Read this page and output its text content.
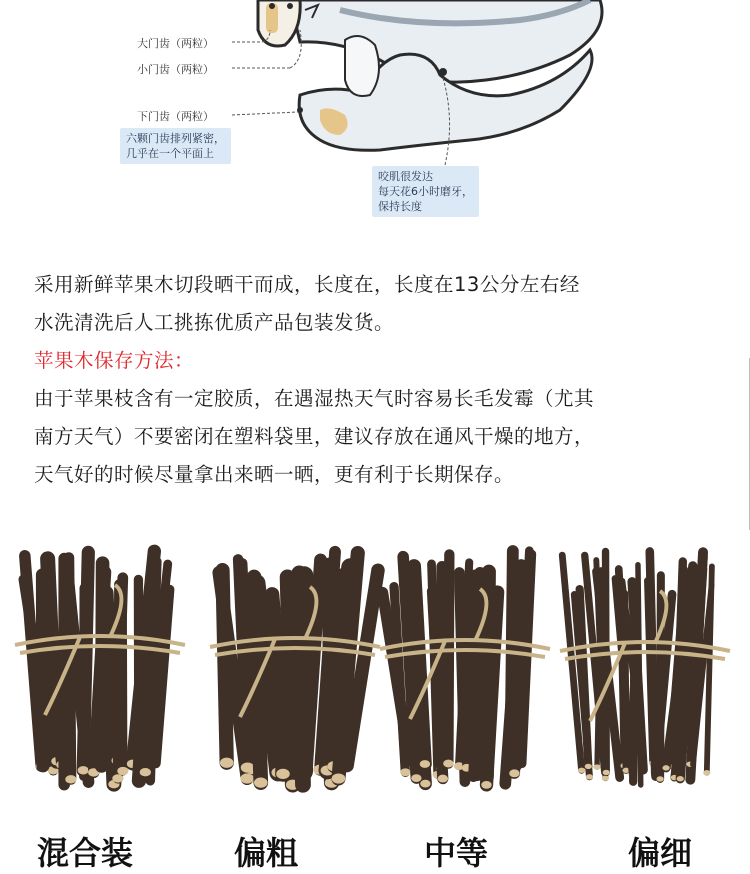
大门齿（两粒）
小门齿（两粒）
下门齿（两粒）
六颗门齿排列紧密，
几乎在一个平面上
咬肌很发达
每天花6小时磨牙，
保持长度
采用新鲜苹果木切段晒干而成，长度在，长度在13公分左右经
水洗清洗后人工挑拣优质产品包装发货。
苹果木保存方法：
由于苹果枝含有一定胶质，在遇湿热天气时容易长毛发霉（尤其
南方天气）不要密闭在塑料袋里，建议存放在通风干燥的地方，
天气好的时候尽量拿出来晒一晒，更有利于长期保存。
混合装	偏粗	中等	偏细
